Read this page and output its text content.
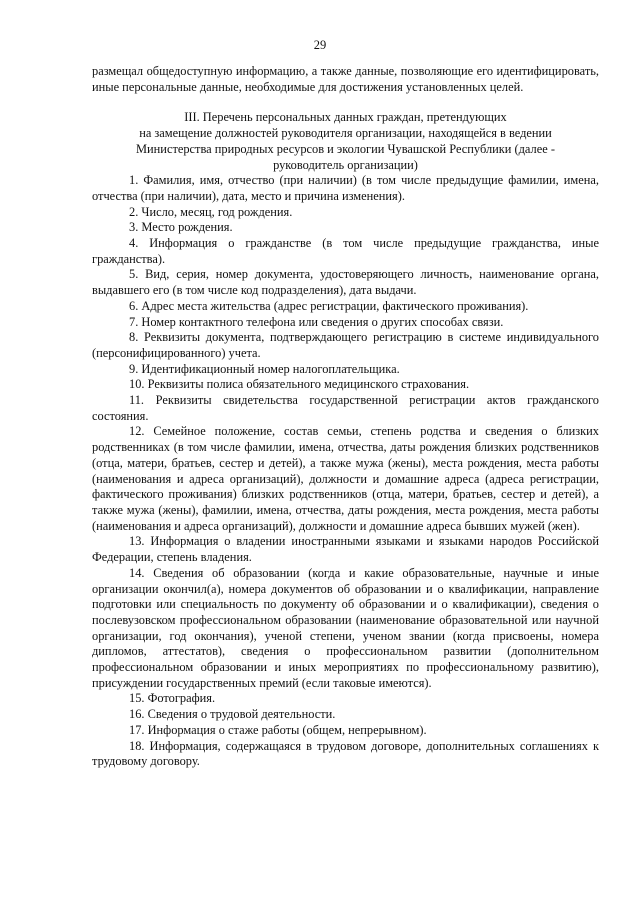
29

размещал общедоступную информацию, а также данные, позволяющие его идентифицировать, иные персональные данные, необходимые для достижения установленных целей.

III. Перечень персональных данных граждан, претендующих
на замещение должностей руководителя организации, находящейся в ведении
Министерства природных ресурсов и экологии Чувашской Республики (далее -
руководитель организации)

1. Фамилия, имя, отчество (при наличии) (в том числе предыдущие фамилии, имена, отчества (при наличии), дата, место и причина изменения).

2. Число, месяц, год рождения.

3. Место рождения.

4. Информация о гражданстве (в том числе предыдущие гражданства, иные гражданства).

5. Вид, серия, номер документа, удостоверяющего личность, наименование органа, выдавшего его (в том числе код подразделения), дата выдачи.

6. Адрес места жительства (адрес регистрации, фактического проживания).

7. Номер контактного телефона или сведения о других способах связи.

8. Реквизиты документа, подтверждающего регистрацию в системе индивидуального (персонифицированного) учета.

9. Идентификационный номер налогоплательщика.

10. Реквизиты полиса обязательного медицинского страхования.

11. Реквизиты свидетельства государственной регистрации актов гражданского состояния.

12. Семейное положение, состав семьи, степень родства и сведения о близких родственниках (в том числе фамилии, имена, отчества, даты рождения близких родственников (отца, матери, братьев, сестер и детей), а также мужа (жены), места рождения, места работы (наименования и адреса организаций), должности и домашние адреса (адреса регистрации, фактического проживания) близких родственников (отца, матери, братьев, сестер и детей), а также мужа (жены), фамилии, имена, отчества, даты рождения, места рождения, места работы (наименования и адреса организаций), должности и домашние адреса бывших мужей (жен).

13. Информация о владении иностранными языками и языками народов Российской Федерации, степень владения.

14. Сведения об образовании (когда и какие образовательные, научные и иные организации окончил(а), номера документов об образовании и о квалификации, направление подготовки или специальность по документу об образовании и о квалификации), сведения о послевузовском профессиональном образовании (наименование образовательной или научной организации, год окончания), ученой степени, ученом звании (когда присвоены, номера дипломов, аттестатов), сведения о профессиональном развитии (дополнительном профессиональном образовании и иных мероприятиях по профессиональному развитию), присуждении государственных премий (если таковые имеются).

15. Фотография.

16. Сведения о трудовой деятельности.

17. Информация о стаже работы (общем, непрерывном).

18. Информация, содержащаяся в трудовом договоре, дополнительных соглашениях к трудовому договору.
